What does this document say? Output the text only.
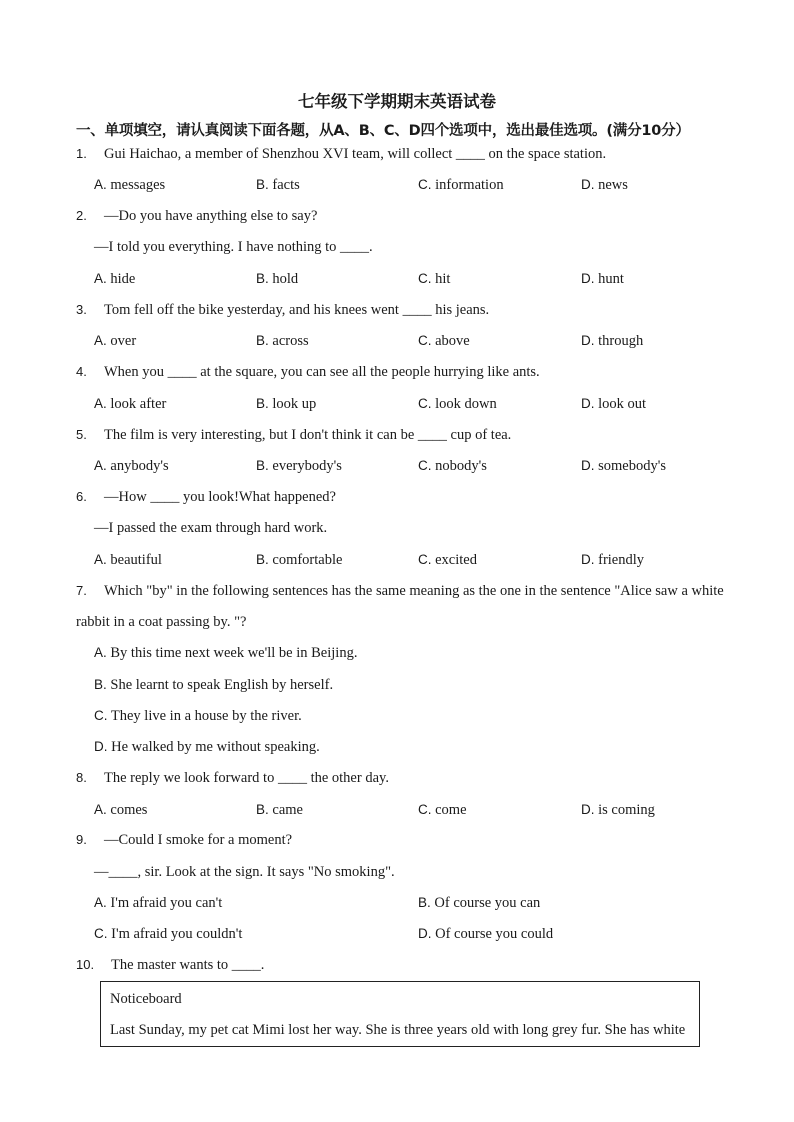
七年级下学期期末英语试卷
一、单项填空，请认真阅读下面各题，从A、B、C、D四个选项中，选出最佳选项。(满分10分）
1. Gui Haichao, a member of Shenzhou XVI team, will collect ____ on the space station.
A. messages	B. facts	C. information	D. news
2. —Do you have anything else to say?
—I told you everything. I have nothing to ____.
A. hide	B. hold	C. hit	D. hunt
3. Tom fell off the bike yesterday, and his knees went ____ his jeans.
A. over	B. across	C. above	D. through
4. When you ____ at the square, you can see all the people hurrying like ants.
A. look after	B. look up	C. look down	D. look out
5. The film is very interesting, but I don't think it can be ____ cup of tea.
A. anybody's	B. everybody's	C. nobody's	D. somebody's
6. —How ____ you look!What happened?
—I passed the exam through hard work.
A. beautiful	B. comfortable	C. excited	D. friendly
7. Which "by" in the following sentences has the same meaning as the one in the sentence "Alice saw a white
rabbit in a coat passing by. "?
A. By this time next week we'll be in Beijing.
B. She learnt to speak English by herself.
C. They live in a house by the river.
D. He walked by me without speaking.
8. The reply we look forward to ____ the other day.
A. comes	B. came	C. come	D. is coming
9. —Could I smoke for a moment?
—____, sir. Look at the sign. It says "No smoking".
A. I'm afraid you can't	B. Of course you can
C. I'm afraid you couldn't	D. Of course you could
10. The master wants to ____.
Noticeboard
Last Sunday, my pet cat Mimi lost her way. She is three years old with long grey fur. She has white
